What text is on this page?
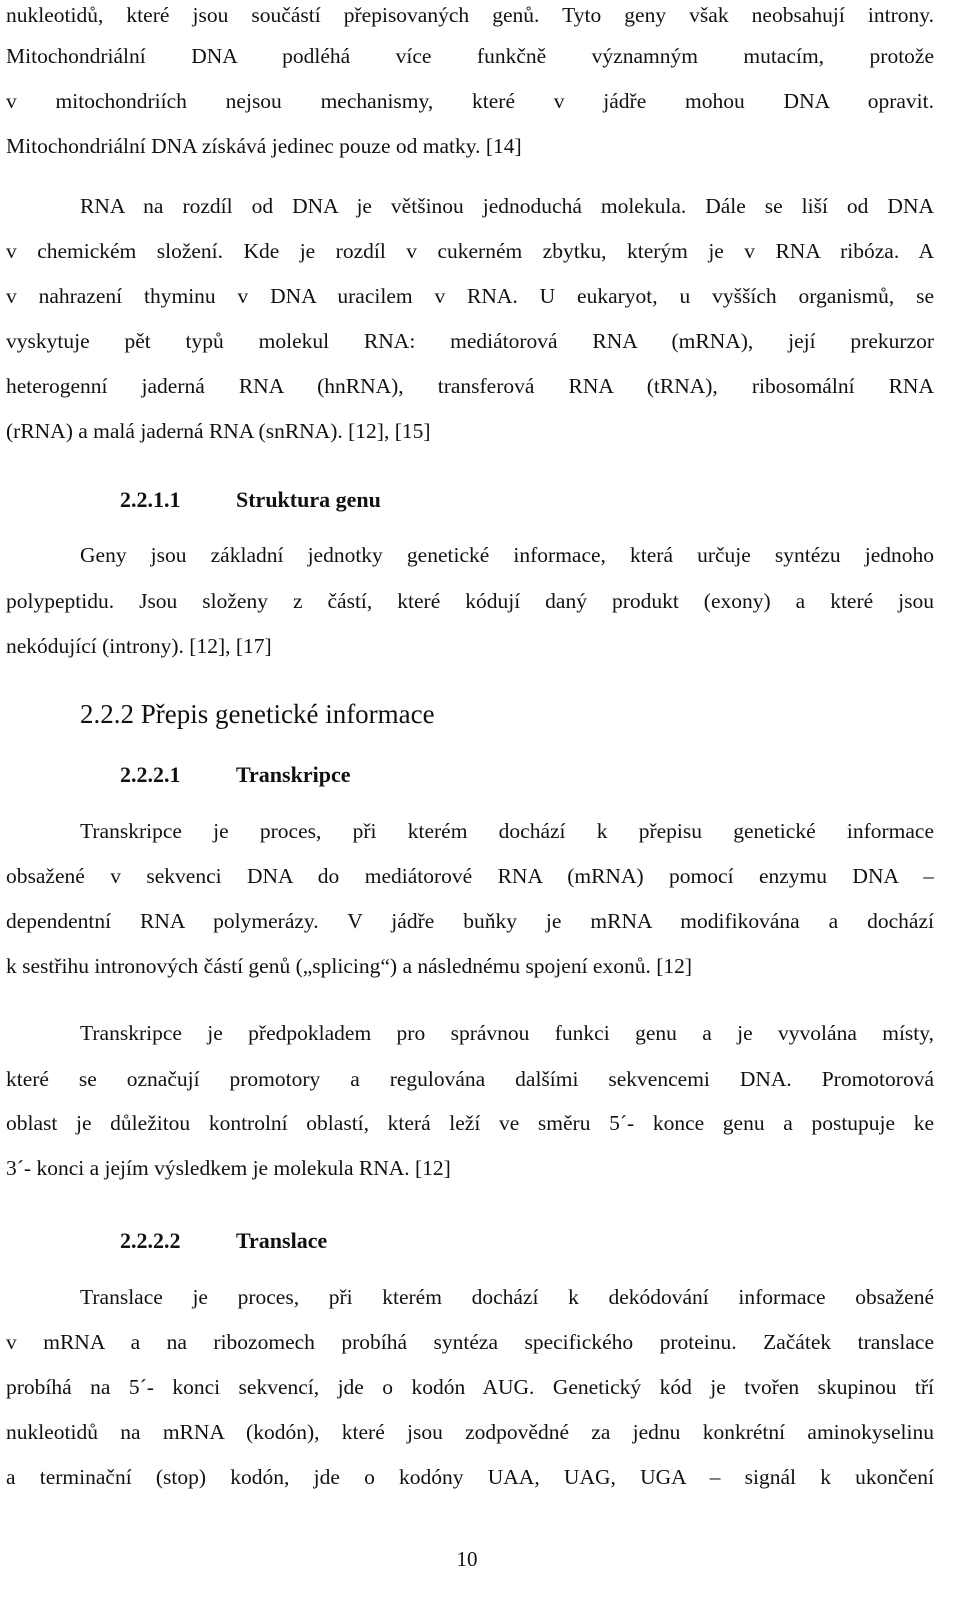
nukleotidů, které jsou součástí přepisovaných genů. Tyto geny však neobsahují introny.
Mitochondriální DNA podléhá více funkčně významným mutacím, protože
v mitochondriích nejsou mechanismy, které v jádře mohou DNA opravit.
Mitochondriální DNA získává jedinec pouze od matky. [14]
RNA na rozdíl od DNA je většinou jednoduchá molekula. Dále se liší od DNA
v chemickém složení. Kde je rozdíl v cukerném zbytku, kterým je v RNA ribóza. A
v nahrazení thyminu v DNA uracilem v RNA. U eukaryot, u vyšších organismů, se
vyskytuje pět typů molekul RNA: mediátorová RNA (mRNA), její prekurzor
heterogenní jaderná RNA (hnRNA), transferová RNA (tRNA), ribosomální RNA
(rRNA) a malá jaderná RNA (snRNA). [12], [15]
2.2.1.1	Struktura genu
Geny jsou základní jednotky genetické informace, která určuje syntézu jednoho
polypeptidu. Jsou složeny z částí, které kódují daný produkt (exony) a které jsou
nekódující (introny). [12], [17]
2.2.2 Přepis genetické informace
2.2.2.1	Transkripce
Transkripce je proces, při kterém dochází k přepisu genetické informace
obsažené v sekvenci DNA do mediátorové RNA (mRNA) pomocí enzymu DNA –
dependentní RNA polymerázy. V jádře buňky je mRNA modifikována a dochází
k sestřihu intronových částí genů („splicing“) a následnému spojení exonů. [12]
Transkripce je předpokladem pro správnou funkci genu a je vyvolána místy,
které se označují promotory a regulována dalšími sekvencemi DNA. Promotorová
oblast je důležitou kontrolní oblastí, která leží ve směru 5´- konce genu a postupuje ke
3´- konci a jejím výsledkem je molekula RNA. [12]
2.2.2.2	Translace
Translace je proces, při kterém dochází k dekódování informace obsažené
v mRNA a na ribozomech probíhá syntéza specifického proteinu. Začátek translace
probíhá na 5´- konci sekvencí, jde o kodón AUG. Genetický kód je tvořen skupinou tří
nukleotidů na mRNA (kodón), které jsou zodpovědné za jednu konkrétní aminokyselinu
a terminační (stop) kodón, jde o kodóny UAA, UAG, UGA – signál k ukončení
10
